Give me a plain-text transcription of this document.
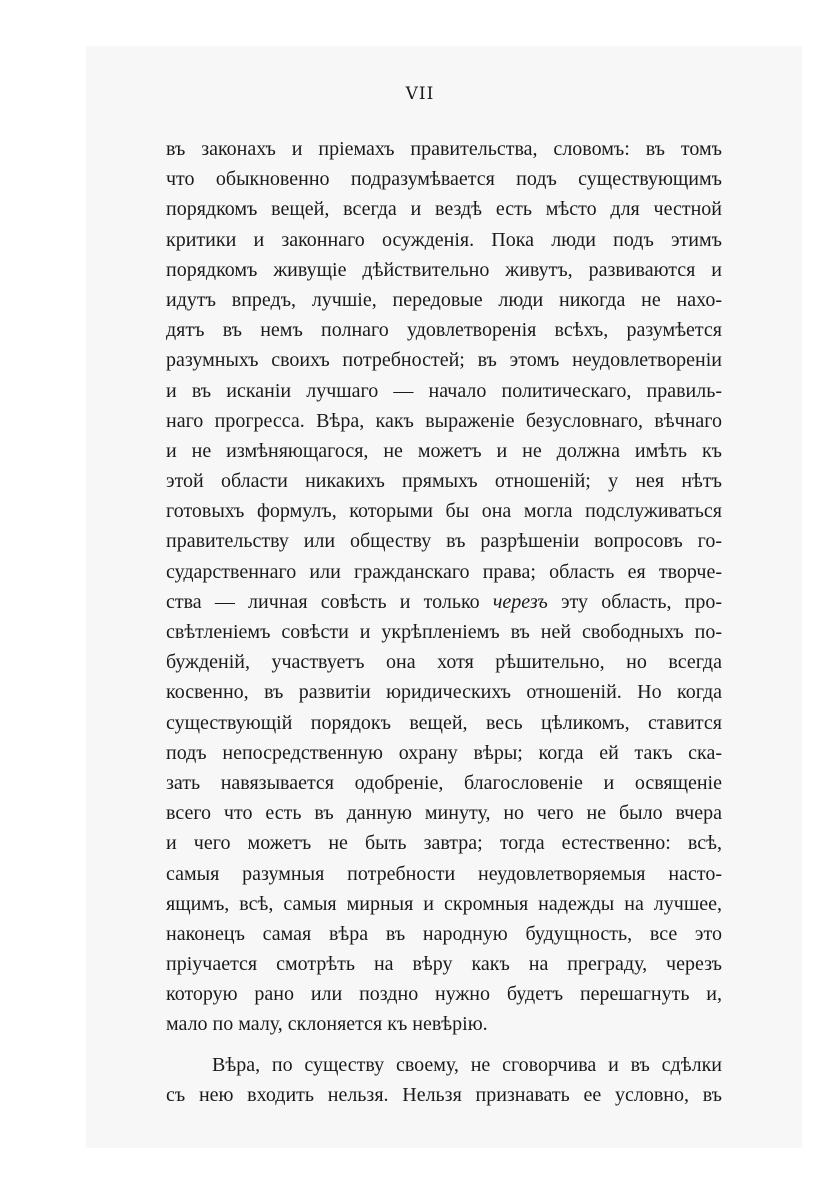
VII
въ законахъ и пріемахъ правительства, словомъ: въ томъ
что обыкновенно подразумѣвается подъ существующимъ
порядкомъ вещей, всегда и вездѣ есть мѣсто для честной
критики и законнаго осужденія. Пока люди подъ этимъ
порядкомъ живущіе дѣйствительно живутъ, развиваются и
идутъ впредъ, лучшіе, передовые люди никогда не нахо-
дятъ въ немъ полнаго удовлетворенія всѣхъ, разумѣется
разумныхъ своихъ потребностей; въ этомъ неудовлетвореніи
и въ исканіи лучшаго — начало политическаго, правиль-
наго прогресса. Вѣра, какъ выраженіе безусловнаго, вѣчнаго
и не измѣняющагося, не можетъ и не должна имѣть къ
этой области никакихъ прямыхъ отношеній; у нея нѣтъ
готовыхъ формулъ, которыми бы она могла подслуживаться
правительству или обществу въ разрѣшеніи вопросовъ го-
сударственнаго или гражданскаго права; область ея творче-
ства — личная совѣсть и только черезъ эту область, про-
свѣтленіемъ совѣсти и укрѣпленіемъ въ ней свободныхъ по-
бужденій, участвуетъ она хотя рѣшительно, но всегда
косвенно, въ развитіи юридическихъ отношеній. Но когда
существующій порядокъ вещей, весь цѣликомъ, ставится
подъ непосредственную охрану вѣры; когда ей такъ ска-
зать навязывается одобреніе, благословеніе и освященіе
всего что есть въ данную минуту, но чего не было вчера
и чего можетъ не быть завтра; тогда естественно: всѣ,
самыя разумныя потребности неудовлетворяемыя насто-
ящимъ, всѣ, самыя мирныя и скромныя надежды на лучшее,
наконецъ самая вѣра въ народную будущность, все это
пріучается смотрѣть на вѣру какъ на преграду, черезъ
которую рано или поздно нужно будетъ перешагнуть и,
мало по малу, склоняется къ невѣрію.
Вѣра, по существу своему, не сговорчива и въ сдѣлки
съ нею входить нельзя. Нельзя признавать ее условно, въ
